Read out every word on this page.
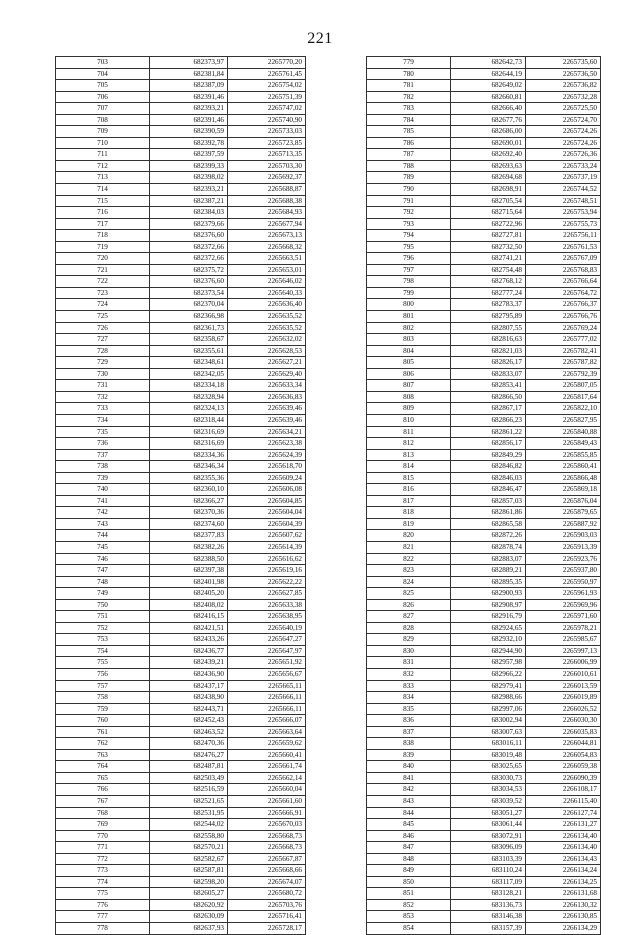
221
703	682373,97	2265770,20
704	682381,84	2265761,45
705	682387,09	2265754,02
706	682391,46	2265751,39
707	682393,21	2265747,02
708	682391,46	2265740,90
709	682390,59	2265733,03
710	682392,78	2265723,85
711	682397,59	2265713,35
712	682399,33	2265703,30
713	682398,02	2265692,37
714	682393,21	2265688,87
715	682387,21	2265688,38
716	682384,03	2265684,93
717	682379,66	2265677,94
718	682376,60	2265673,13
719	682372,66	2265668,32
720	682372,66	2265663,51
721	682375,72	2265653,01
722	682376,60	2265646,02
723	682373,54	2265640,33
724	682370,04	2265636,40
725	682366,98	2265635,52
726	682361,73	2265635,52
727	682358,67	2265632,02
728	682355,61	2265628,53
729	682348,61	2265627,21
730	682342,05	2265629,40
731	682334,18	2265633,34
732	682328,94	2265636,83
733	682324,13	2265639,46
734	682318,44	2265639,46
735	682316,69	2265634,21
736	682316,69	2265623,38
737	682334,36	2265624,39
738	682346,34	2265618,70
739	682355,36	2265609,24
740	682360,10	2265606,08
741	682366,27	2265604,85
742	682370,36	2265604,04
743	682374,60	2265604,39
744	682377,83	2265607,62
745	682382,26	2265614,39
746	682388,50	2265616,62
747	682397,38	2265619,16
748	682401,98	2265622,22
749	682405,20	2265627,85
750	682408,02	2265633,38
751	682416,15	2265638,95
752	682421,51	2265640,19
753	682433,26	2265647,27
754	682436,77	2265647,97
755	682439,21	2265651,92
756	682436,90	2265656,67
757	682437,17	2265665,11
758	682438,90	2265666,11
759	682443,71	2265666,11
760	682452,43	2265666,07
761	682463,52	2265663,64
762	682470,36	2265659,62
763	682476,27	2265660,41
764	682487,81	2265661,74
765	682503,49	2265662,14
766	682516,59	2265660,04
767	682521,65	2265661,60
768	682531,95	2265666,91
769	682544,02	2265670,03
770	682558,80	2265668,73
771	682570,21	2265668,73
772	682582,67	2265667,87
773	682587,81	2265668,66
774	682598,20	2265674,07
775	682605,27	2265680,72
776	682620,92	2265703,76
777	682630,09	2265716,41
778	682637,93	2265728,17
779	682642,73	2265735,60
780	682644,19	2265736,50
781	682649,02	2265736,82
782	682660,81	2265732,28
783	682666,40	2265725,50
784	682677,76	2265724,70
785	682686,00	2265724,26
786	682690,01	2265724,26
787	682692,40	2265726,36
788	682693,63	2265733,24
789	682694,68	2265737,19
790	682698,91	2265744,52
791	682705,54	2265748,51
792	682715,64	2265753,94
793	682722,96	2265755,73
794	682727,81	2265756,11
795	682732,50	2265761,53
796	682741,21	2265767,09
797	682754,48	2265768,83
798	682768,12	2265766,64
799	682777,24	2265764,72
800	682783,37	2265766,37
801	682795,89	2265766,76
802	682807,55	2265769,24
803	682816,63	2265777,02
804	682821,03	2265782,41
805	682826,17	2265787,82
806	682833,07	2265792,39
807	682853,41	2265807,05
808	682866,50	2265817,64
809	682867,17	2265822,10
810	682866,23	2265827,95
811	682861,22	2265840,88
812	682856,17	2265849,43
813	682849,29	2265855,85
814	682846,82	2265860,41
815	682846,03	2265866,48
816	682846,47	2265869,18
817	682857,03	2265876,04
818	682861,86	2265879,65
819	682865,58	2265887,92
820	682872,26	2265903,03
821	682878,74	2265913,39
822	682883,07	2265923,76
823	682889,21	2265937,80
824	682895,35	2265950,97
825	682900,93	2265961,93
826	682908,97	2265969,96
827	682916,79	2265971,60
828	682924,65	2265978,21
829	682932,10	2265985,67
830	682944,90	2265997,13
831	682957,98	2266006,99
832	682966,22	2266010,61
833	682979,41	2266013,59
834	682988,66	2266019,89
835	682997,06	2266026,52
836	683002,94	2266030,30
837	683007,63	2266035,83
838	683016,11	2266044,81
839	683019,48	2266054,83
840	683025,65	2266059,38
841	683030,73	2266090,39
842	683034,53	2266108,17
843	683039,52	2266115,40
844	683051,27	2266127,74
845	683061,44	2266131,27
846	683072,91	2266134,40
847	683096,09	2266134,40
848	683103,39	2266134,43
849	683110,24	2266134,24
850	683117,09	2266134,25
851	683128,21	2266131,68
852	683136,73	2266130,32
853	683146,38	2266130,85
854	683157,39	2266134,29
